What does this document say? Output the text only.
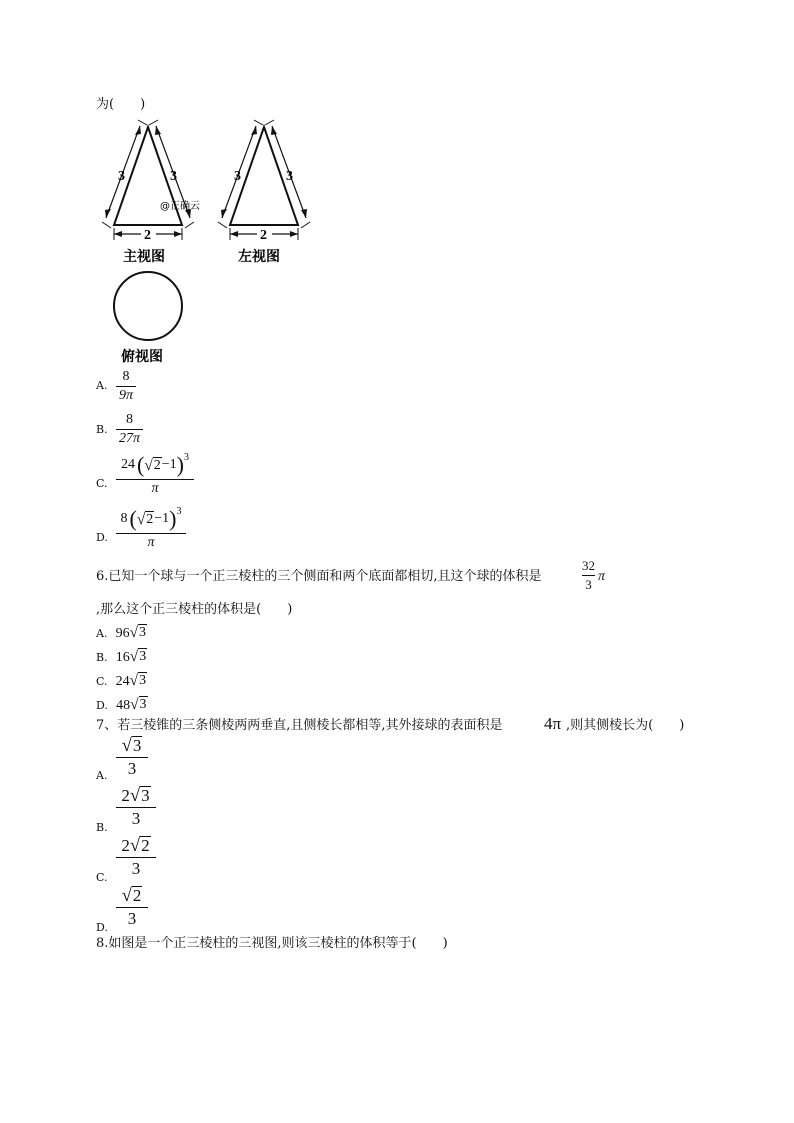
为(　　)
3	3
2
@正确云
主视图
3	3
2
左视图
俯视图
A. $\frac{8}{9\pi}$
B. $\frac{8}{27\pi}$
C. $\frac{24 ( √ 2 -1 )^3}{\pi}$
D. $\frac{8 ( √ 2 -1 )^3}{\pi}$
6.已知一个球与一个正三棱柱的三个侧面和两个底面都相切,且这个球的体积是	$\frac{32}{3}$ π
,那么这个正三棱柱的体积是(　　)
A. 96 √ 3
B. 16 √ 3
C. 24 √ 3
D. 48 √ 3
7、若三棱锥的三条侧棱两两垂直,且侧棱长都相等,其外接球的表面积是 4π ,则其侧棱长为(　　)
A. $\frac{√ 3}{3}$
B. $\frac{2 √ 3}{3}$
C. $\frac{2 √ 2}{3}$
D. $\frac{√ 2}{3}$
8.如图是一个正三棱柱的三视图,则该三棱柱的体积等于(　　)
